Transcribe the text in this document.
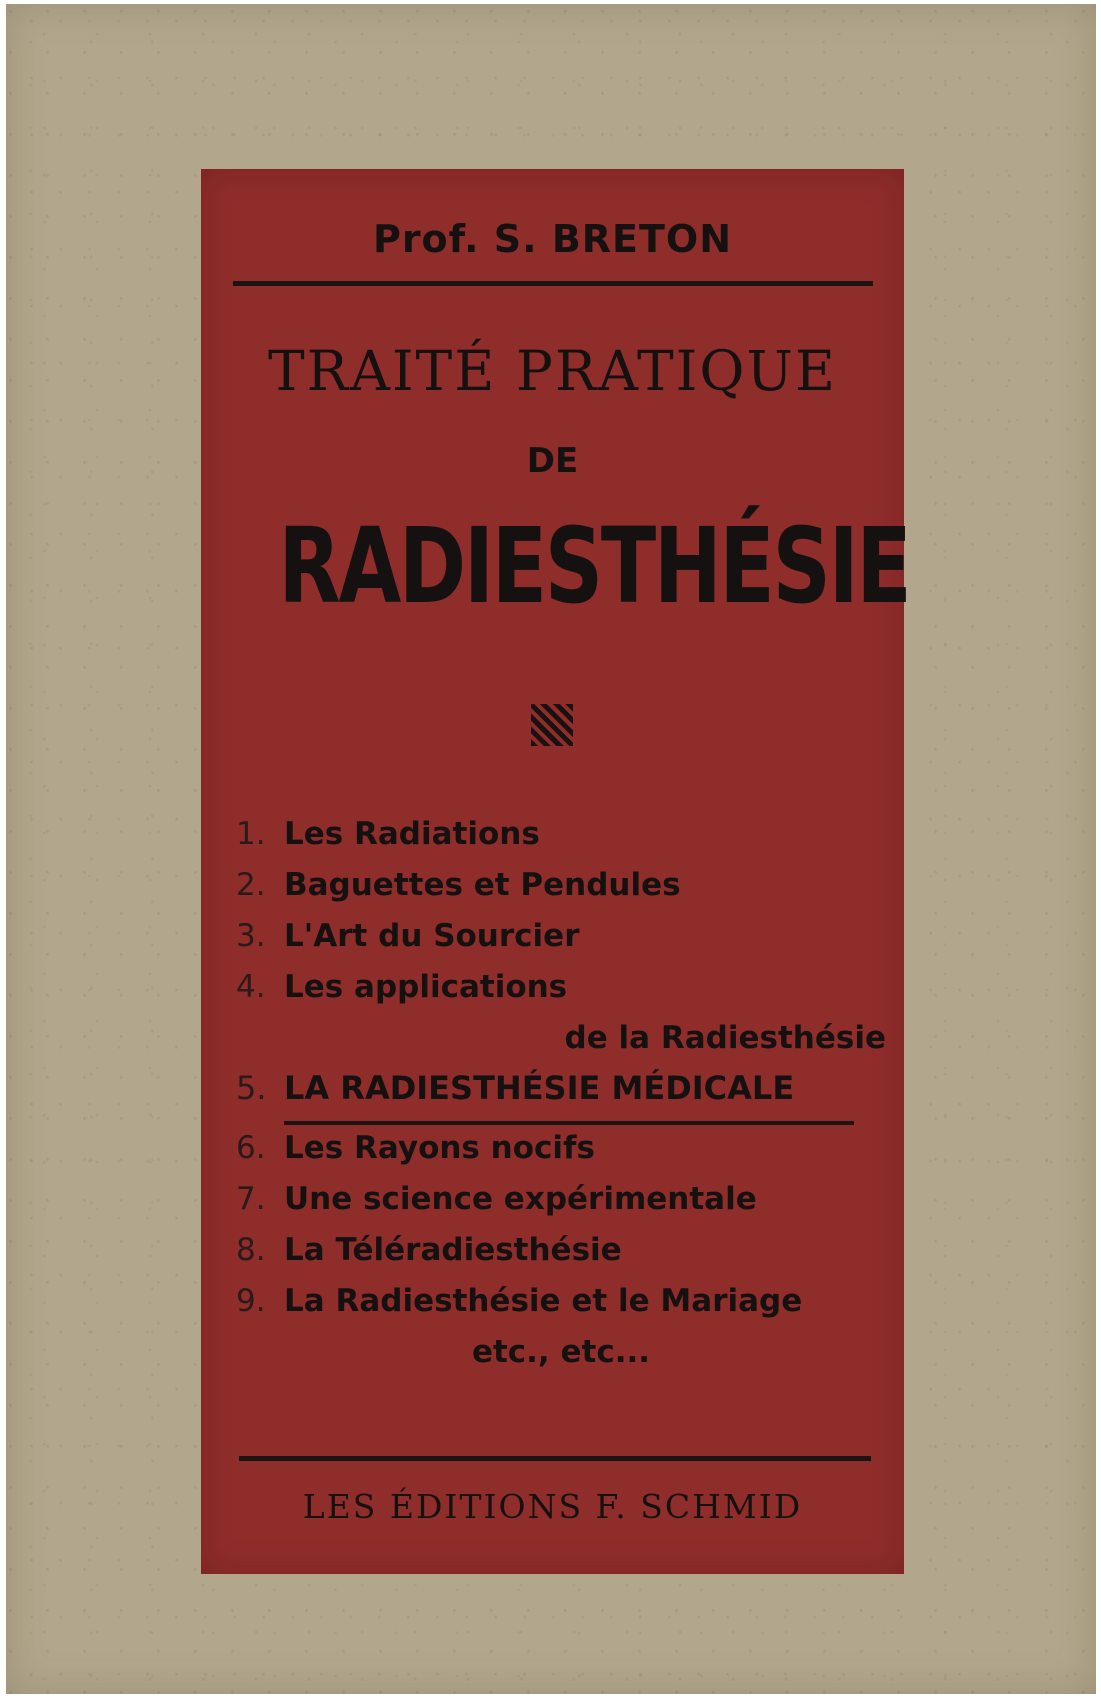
Prof. S. BRETON
TRAITÉ PRATIQUE
DE
RADIESTHÉSIE
1. Les Radiations
2. Baguettes et Pendules
3. L'Art du Sourcier
4. Les applications
de la Radiesthésie
5. LA RADIESTHÉSIE MÉDICALE
6. Les Rayons nocifs
7. Une science expérimentale
8. La Téléradiesthésie
9. La Radiesthésie et le Mariage
etc., etc...
LES ÉDITIONS F. SCHMID
